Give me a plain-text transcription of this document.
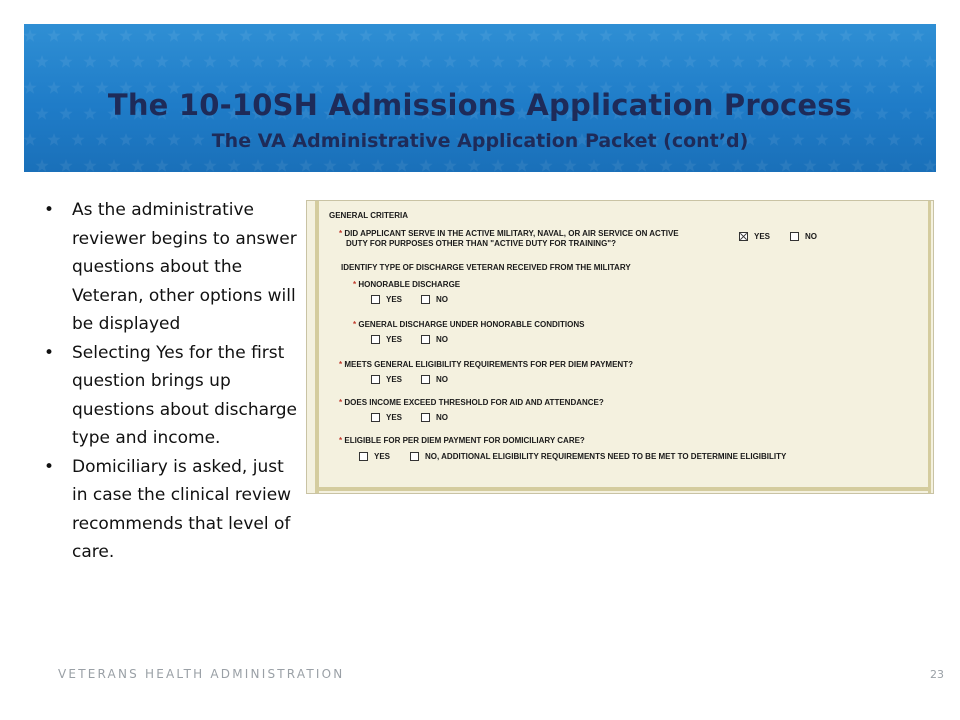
The 10-10SH Admissions Application Process
The VA Administrative Application Packet (cont’d)
• As the administrative reviewer begins to answer questions about the Veteran, other options will be displayed
• Selecting Yes for the first question brings up questions about discharge type and income.
• Domiciliary is asked, just in case the clinical review recommends that level of care.
GENERAL CRITERIA
* DID APPLICANT SERVE IN THE ACTIVE MILITARY, NAVAL, OR AIR SERVICE ON ACTIVE
DUTY FOR PURPOSES OTHER THAN "ACTIVE DUTY FOR TRAINING"?
YES	NO
IDENTIFY TYPE OF DISCHARGE VETERAN RECEIVED FROM THE MILITARY
* HONORABLE DISCHARGE
YES	NO
* GENERAL DISCHARGE UNDER HONORABLE CONDITIONS
YES	NO
* MEETS GENERAL ELIGIBILITY REQUIREMENTS FOR PER DIEM PAYMENT?
YES	NO
* DOES INCOME EXCEED THRESHOLD FOR AID AND ATTENDANCE?
YES	NO
* ELIGIBLE FOR PER DIEM PAYMENT FOR DOMICILIARY CARE?
YES	NO, ADDITIONAL ELIGIBILITY REQUIREMENTS NEED TO BE MET TO DETERMINE ELIGIBILITY
VETERANS HEALTH ADMINISTRATION	23
